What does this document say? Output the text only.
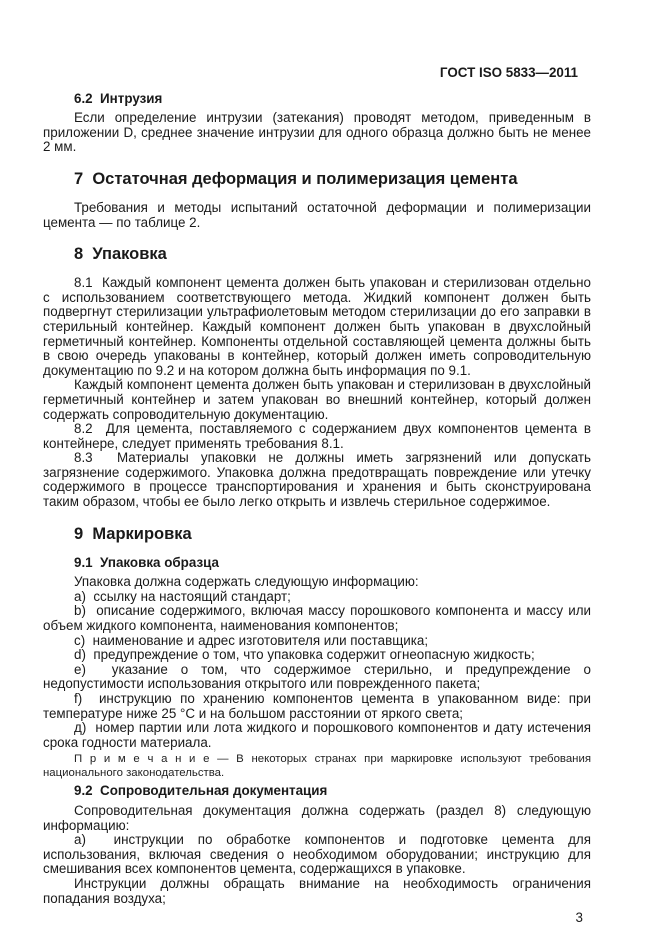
ГОСТ ISO 5833—2011

6.2  Интрузия

Если определение интрузии (затекания) проводят методом, приведенным в приложении D, среднее значение интрузии для одного образца должно быть не менее 2 мм.

7  Остаточная деформация и полимеризация цемента

Требования и методы испытаний остаточной деформации и полимеризации цемента — по таблице 2.

8  Упаковка

8.1  Каждый компонент цемента должен быть упакован и стерилизован отдельно с использованием соответствующего метода. Жидкий компонент должен быть подвергнут стерилизации ультрафиолетовым методом стерилизации до его заправки в стерильный контейнер. Каждый компонент должен быть упакован в двухслойный герметичный контейнер. Компоненты отдельной составляющей цемента должны быть в свою очередь упакованы в контейнер, который должен иметь сопроводительную документацию по 9.2 и на котором должна быть информация по 9.1.

Каждый компонент цемента должен быть упакован и стерилизован в двухслойный герметичный контейнер и затем упакован во внешний контейнер, который должен содержать сопроводительную документацию.

8.2  Для цемента, поставляемого с содержанием двух компонентов цемента в контейнере, следует применять требования 8.1.

8.3  Материалы упаковки не должны иметь загрязнений или допускать загрязнение содержимого. Упаковка должна предотвращать повреждение или утечку содержимого в процессе транспортирования и хранения и быть сконструирована таким образом, чтобы ее было легко открыть и извлечь стерильное содержимое.

9  Маркировка

9.1  Упаковка образца

Упаковка должна содержать следующую информацию:

a)  ссылку на настоящий стандарт;

b)  описание содержимого, включая массу порошкового компонента и массу или объем жидкого компонента, наименования компонентов;

c)  наименование и адрес изготовителя или поставщика;

d)  предупреждение о том, что упаковка содержит огнеопасную жидкость;

e)  указание о том, что содержимое стерильно, и предупреждение о недопустимости использования открытого или поврежденного пакета;

f)  инструкцию по хранению компонентов цемента в упакованном виде: при температуре ниже 25 °C и на большом расстоянии от яркого света;

д)  номер партии или лота жидкого и порошкового компонентов и дату истечения срока годности материала.

П р и м е ч а н и е — В некоторых странах при маркировке используют требования национального законодательства.

9.2  Сопроводительная документация

Сопроводительная документация должна содержать (раздел 8) следующую информацию:

a)  инструкции по обработке компонентов и подготовке цемента для использования, включая сведения о необходимом оборудовании; инструкцию для смешивания всех компонентов цемента, содержащихся в упаковке.

Инструкции должны обращать внимание на необходимость ограничения попадания воздуха;

3
